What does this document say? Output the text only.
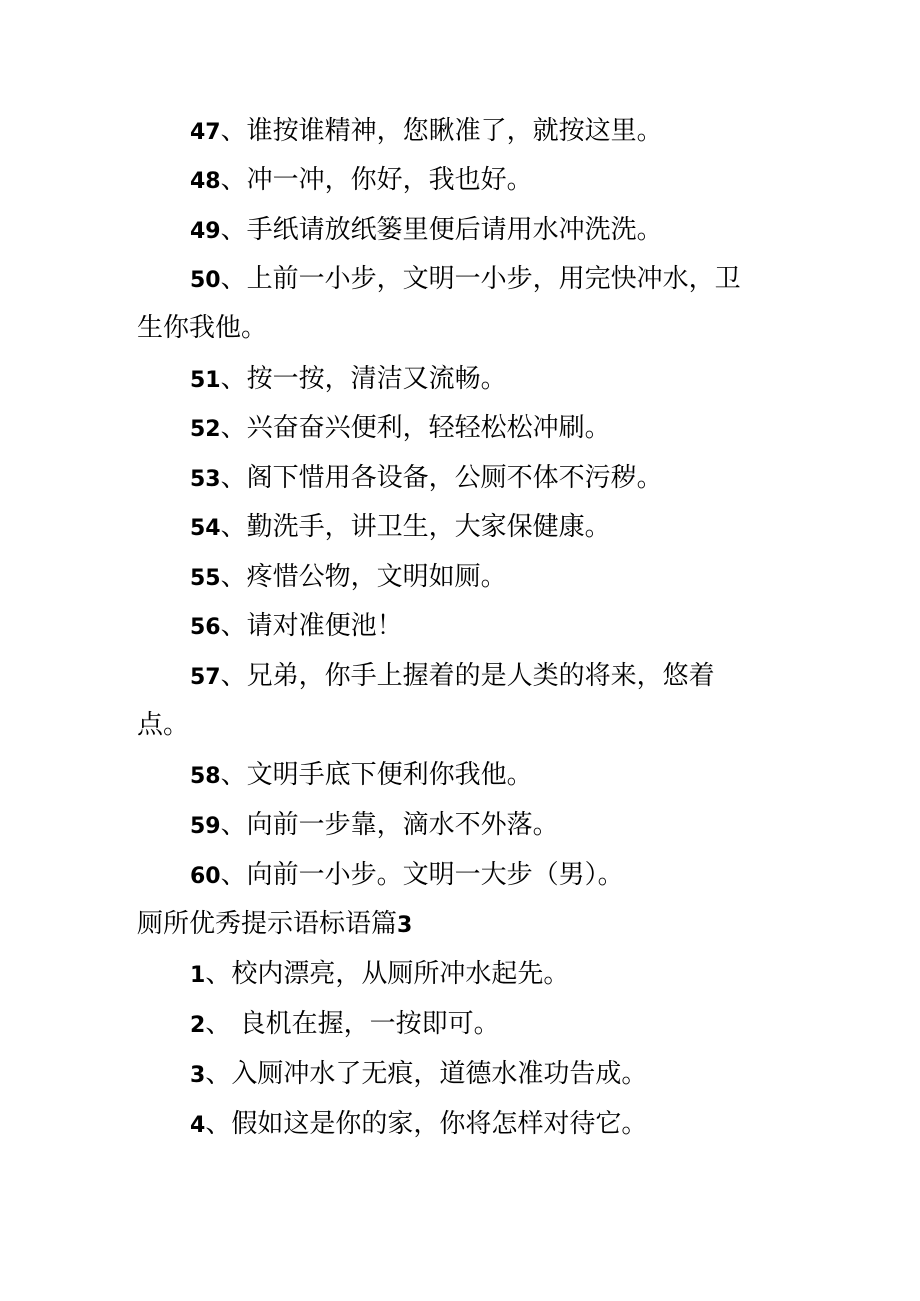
47、谁按谁精神，您瞅准了，就按这里。
48、冲一冲，你好，我也好。
49、手纸请放纸篓里便后请用水冲洗洗。
50、上前一小步，文明一小步，用完快冲水，卫
生你我他。
51、按一按，清洁又流畅。
52、兴奋奋兴便利，轻轻松松冲刷。
53、阁下惜用各设备，公厕不体不污秽。
54、勤洗手，讲卫生，大家保健康。
55、疼惜公物，文明如厕。
56、请对准便池！
57、兄弟，你手上握着的是人类的将来，悠着
点。
58、文明手底下便利你我他。
59、向前一步靠，滴水不外落。
60、向前一小步。文明一大步（男）。
厕所优秀提示语标语篇3
1、校内漂亮，从厕所冲水起先。
2、 良机在握，一按即可。
3、入厕冲水了无痕，道德水准功告成。
4、假如这是你的家，你将怎样对待它。
